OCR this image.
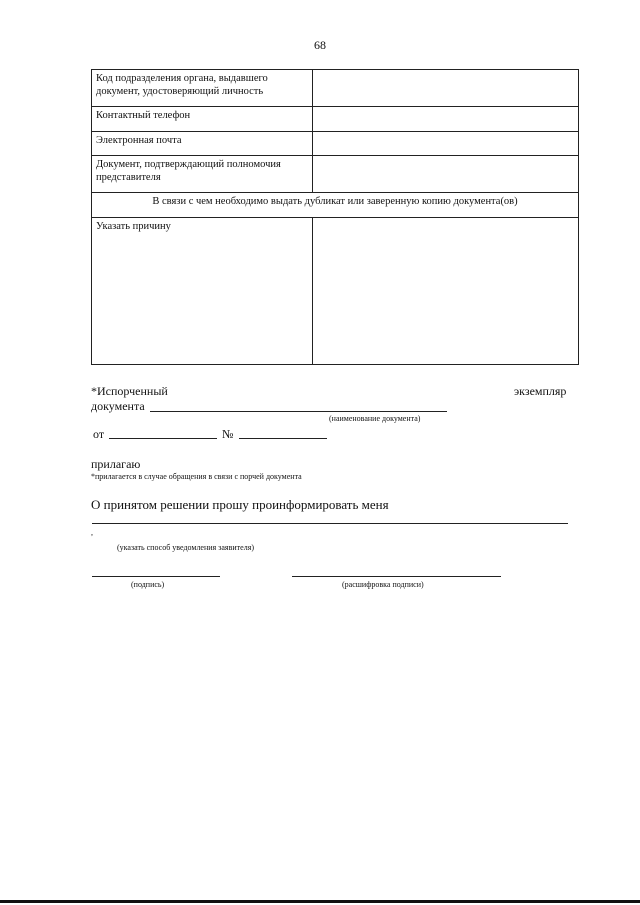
68
Код подразделения органа, выдавшего документ, удостоверяющий личность	
Контактный телефон	
Электронная почта	
Документ, подтверждающий полномочия представителя	
В связи с чем необходимо выдать дубликат или заверенную копию документа(ов)	
Указать причину	
*Испорченный	экземпляр
документа
(наименование документа)
от	№
прилагаю
*прилагается в случае обращения в связи с порчей документа
О принятом решении прошу проинформировать меня
,
(указать способ уведомления заявителя)
(подпись)	(расшифровка подписи)
